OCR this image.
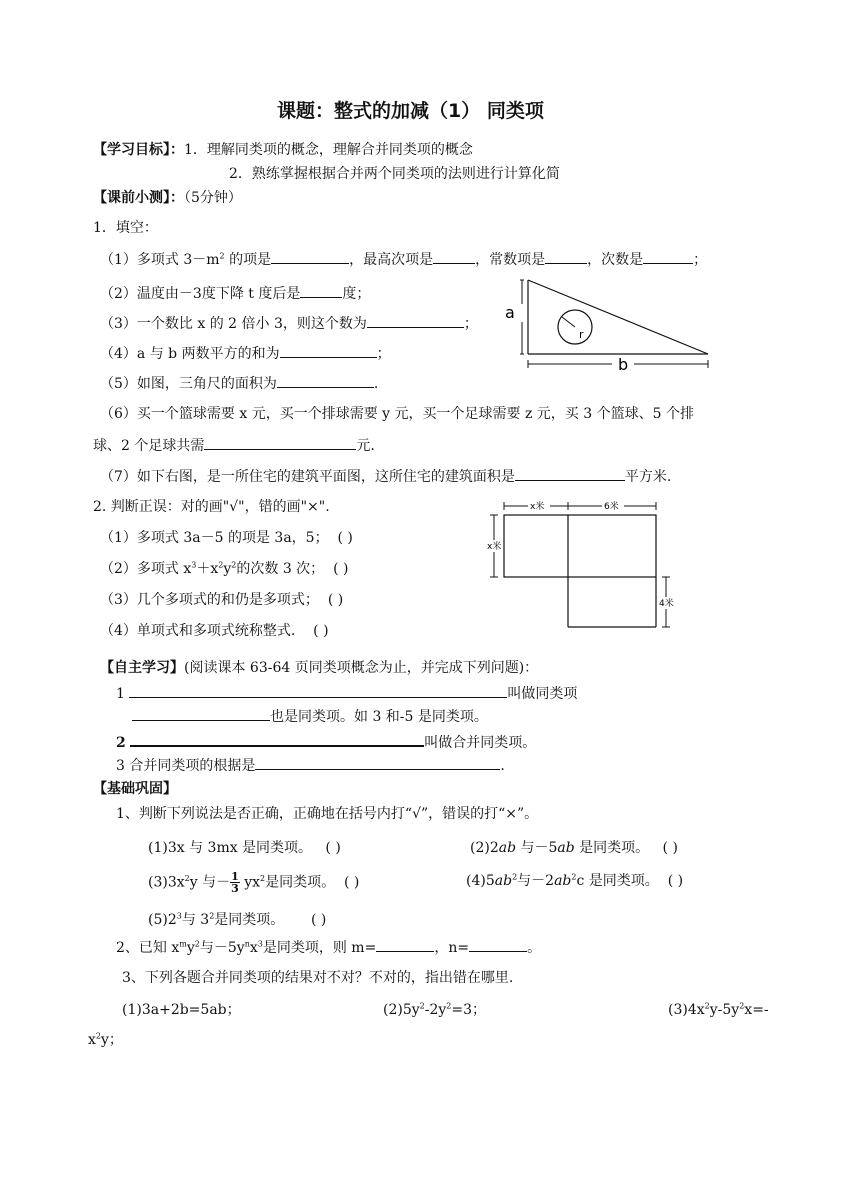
课题：整式的加减（1） 同类项
【学习目标】：1．理解同类项的概念，理解合并同类项的概念
2．熟练掌握根据合并两个同类项的法则进行计算化简
【课前小测】：（5分钟）
1．填空：
（1）多项式 $3-m^2$ 的项是	，最高次项是	，常数项是	，次数是	；
（2）温度由－3度下降 t 度后是	度；
（3）一个数比 x 的 2 倍小 3，则这个数为	；
（4）a 与 b 两数平方的和为	；
（5）如图，三角尺的面积为	.
（6）买一个篮球需要 x 元，买一个排球需要 y 元，买一个足球需要 z 元，买 3 个篮球、5 个排
球、2 个足球共需	元.
（7）如下右图，是一所住宅的建筑平面图，这所住宅的建筑面积是	平方米.
a
r
b
2. 判断正误：对的画"√"，错的画"×".
（1）多项式 3a－5 的项是 3a，5； ( )
（2）多项式 $x^3+x^2y^2$的次数 3 次； ( )
（3）几个多项式的和仍是多项式； ( )
（4）单项式和多项式统称整式. ( )
x米	6米
x米
4米
【自主学习】(阅读课本 63-64 页同类项概念为止，并完成下列问题)：
1	叫做同类项
也是同类项。如 3 和-5 是同类项。
2	叫做合并同类项。
3 合并同类项的根据是	.
【基础巩固】
1、判断下列说法是否正确，正确地在括号内打“√”，错误的打“×”。
(1)3x 与 3mx 是同类项。 ( )	(2)2ab 与－5ab 是同类项。 ( )
$(3)3x^2y$ 与－ $\frac{1}{3} yx^2$是同类项。 ( )	$(4)5ab^2$与$-2ab^2c$ 是同类项。 ( )
$(5)2^3$与 $3^2$是同类项。 ( )
2、已知 $x^my^2$与$-5y^nx^3$是同类项，则 m=	，n=	。
3、下列各题合并同类项的结果对不对？不对的，指出错在哪里.
(1)3a+2b=5ab；	$(2)5y^2-2y^2=3$；	$(3)4x^2y-5y^2x=-$
$x^2y$；
